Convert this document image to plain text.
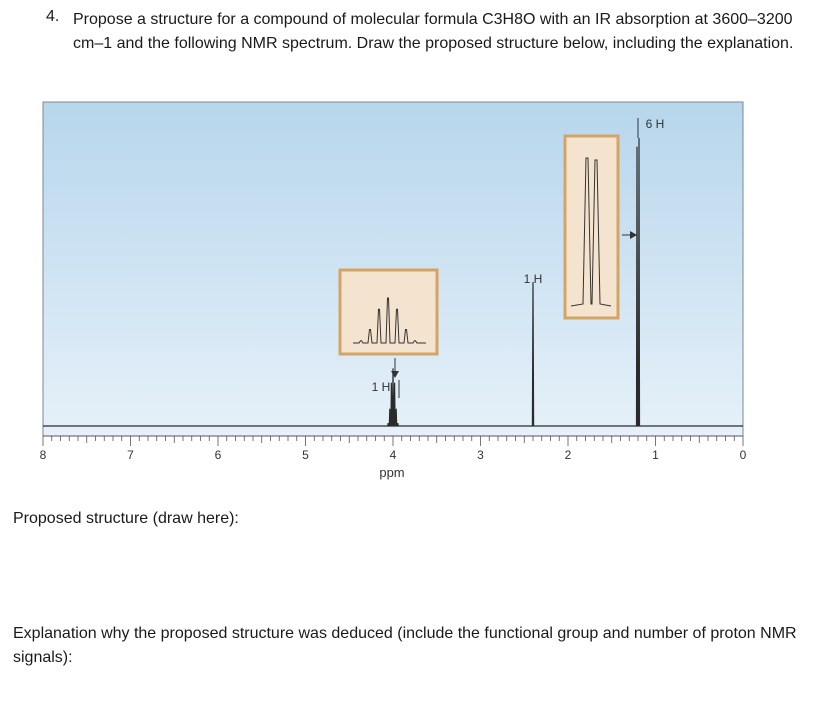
4. Propose a structure for a compound of molecular formula C3H8O with an IR absorption at 3600–3200 cm–1 and the following NMR spectrum. Draw the proposed structure below, including the explanation.
8	7	6	5	4	3	2	1	0
1 H
1 H
6 H
ppm
Proposed structure (draw here):
Explanation why the proposed structure was deduced (include the functional group and number of proton NMR signals):
